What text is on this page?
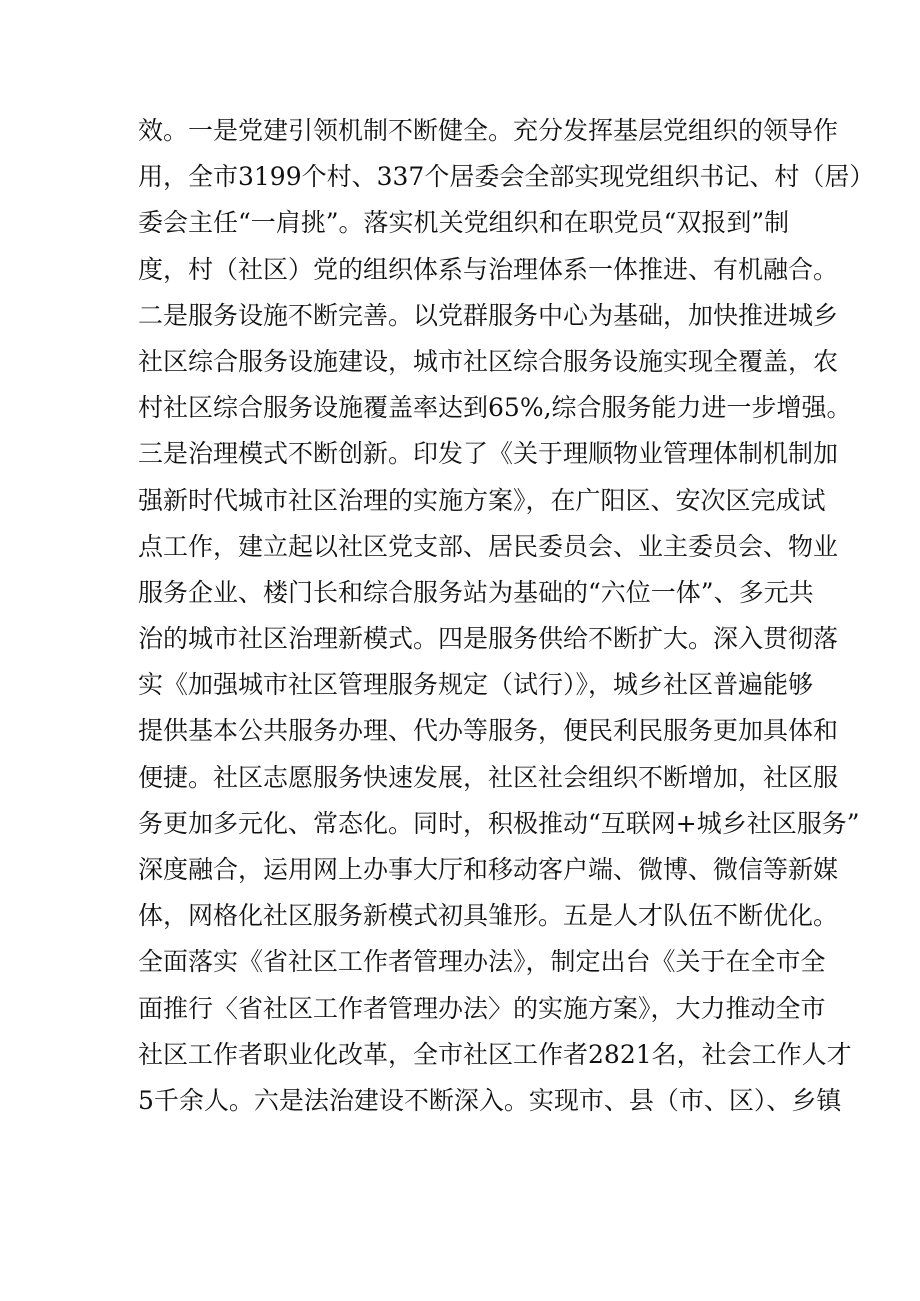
效。一是党建引领机制不断健全。充分发挥基层党组织的领导作
用，全市3199个村、337个居委会全部实现党组织书记、村（居）
委会主任“一肩挑”。落实机关党组织和在职党员“双报到”制
度，村（社区）党的组织体系与治理体系一体推进、有机融合。
二是服务设施不断完善。以党群服务中心为基础，加快推进城乡
社区综合服务设施建设，城市社区综合服务设施实现全覆盖，农
村社区综合服务设施覆盖率达到65%,综合服务能力进一步增强。
三是治理模式不断创新。印发了《关于理顺物业管理体制机制加
强新时代城市社区治理的实施方案》，在广阳区、安次区完成试
点工作，建立起以社区党支部、居民委员会、业主委员会、物业
服务企业、楼门长和综合服务站为基础的“六位一体”、多元共
治的城市社区治理新模式。四是服务供给不断扩大。深入贯彻落
实《加强城市社区管理服务规定（试行）》，城乡社区普遍能够
提供基本公共服务办理、代办等服务，便民利民服务更加具体和
便捷。社区志愿服务快速发展，社区社会组织不断增加，社区服
务更加多元化、常态化。同时，积极推动“互联网+城乡社区服务”
深度融合，运用网上办事大厅和移动客户端、微博、微信等新媒
体，网格化社区服务新模式初具雏形。五是人才队伍不断优化。
全面落实《省社区工作者管理办法》，制定出台《关于在全市全
面推行〈省社区工作者管理办法〉的实施方案》，大力推动全市
社区工作者职业化改革，全市社区工作者2821名，社会工作人才
5千余人。六是法治建设不断深入。实现市、县（市、区）、乡镇
